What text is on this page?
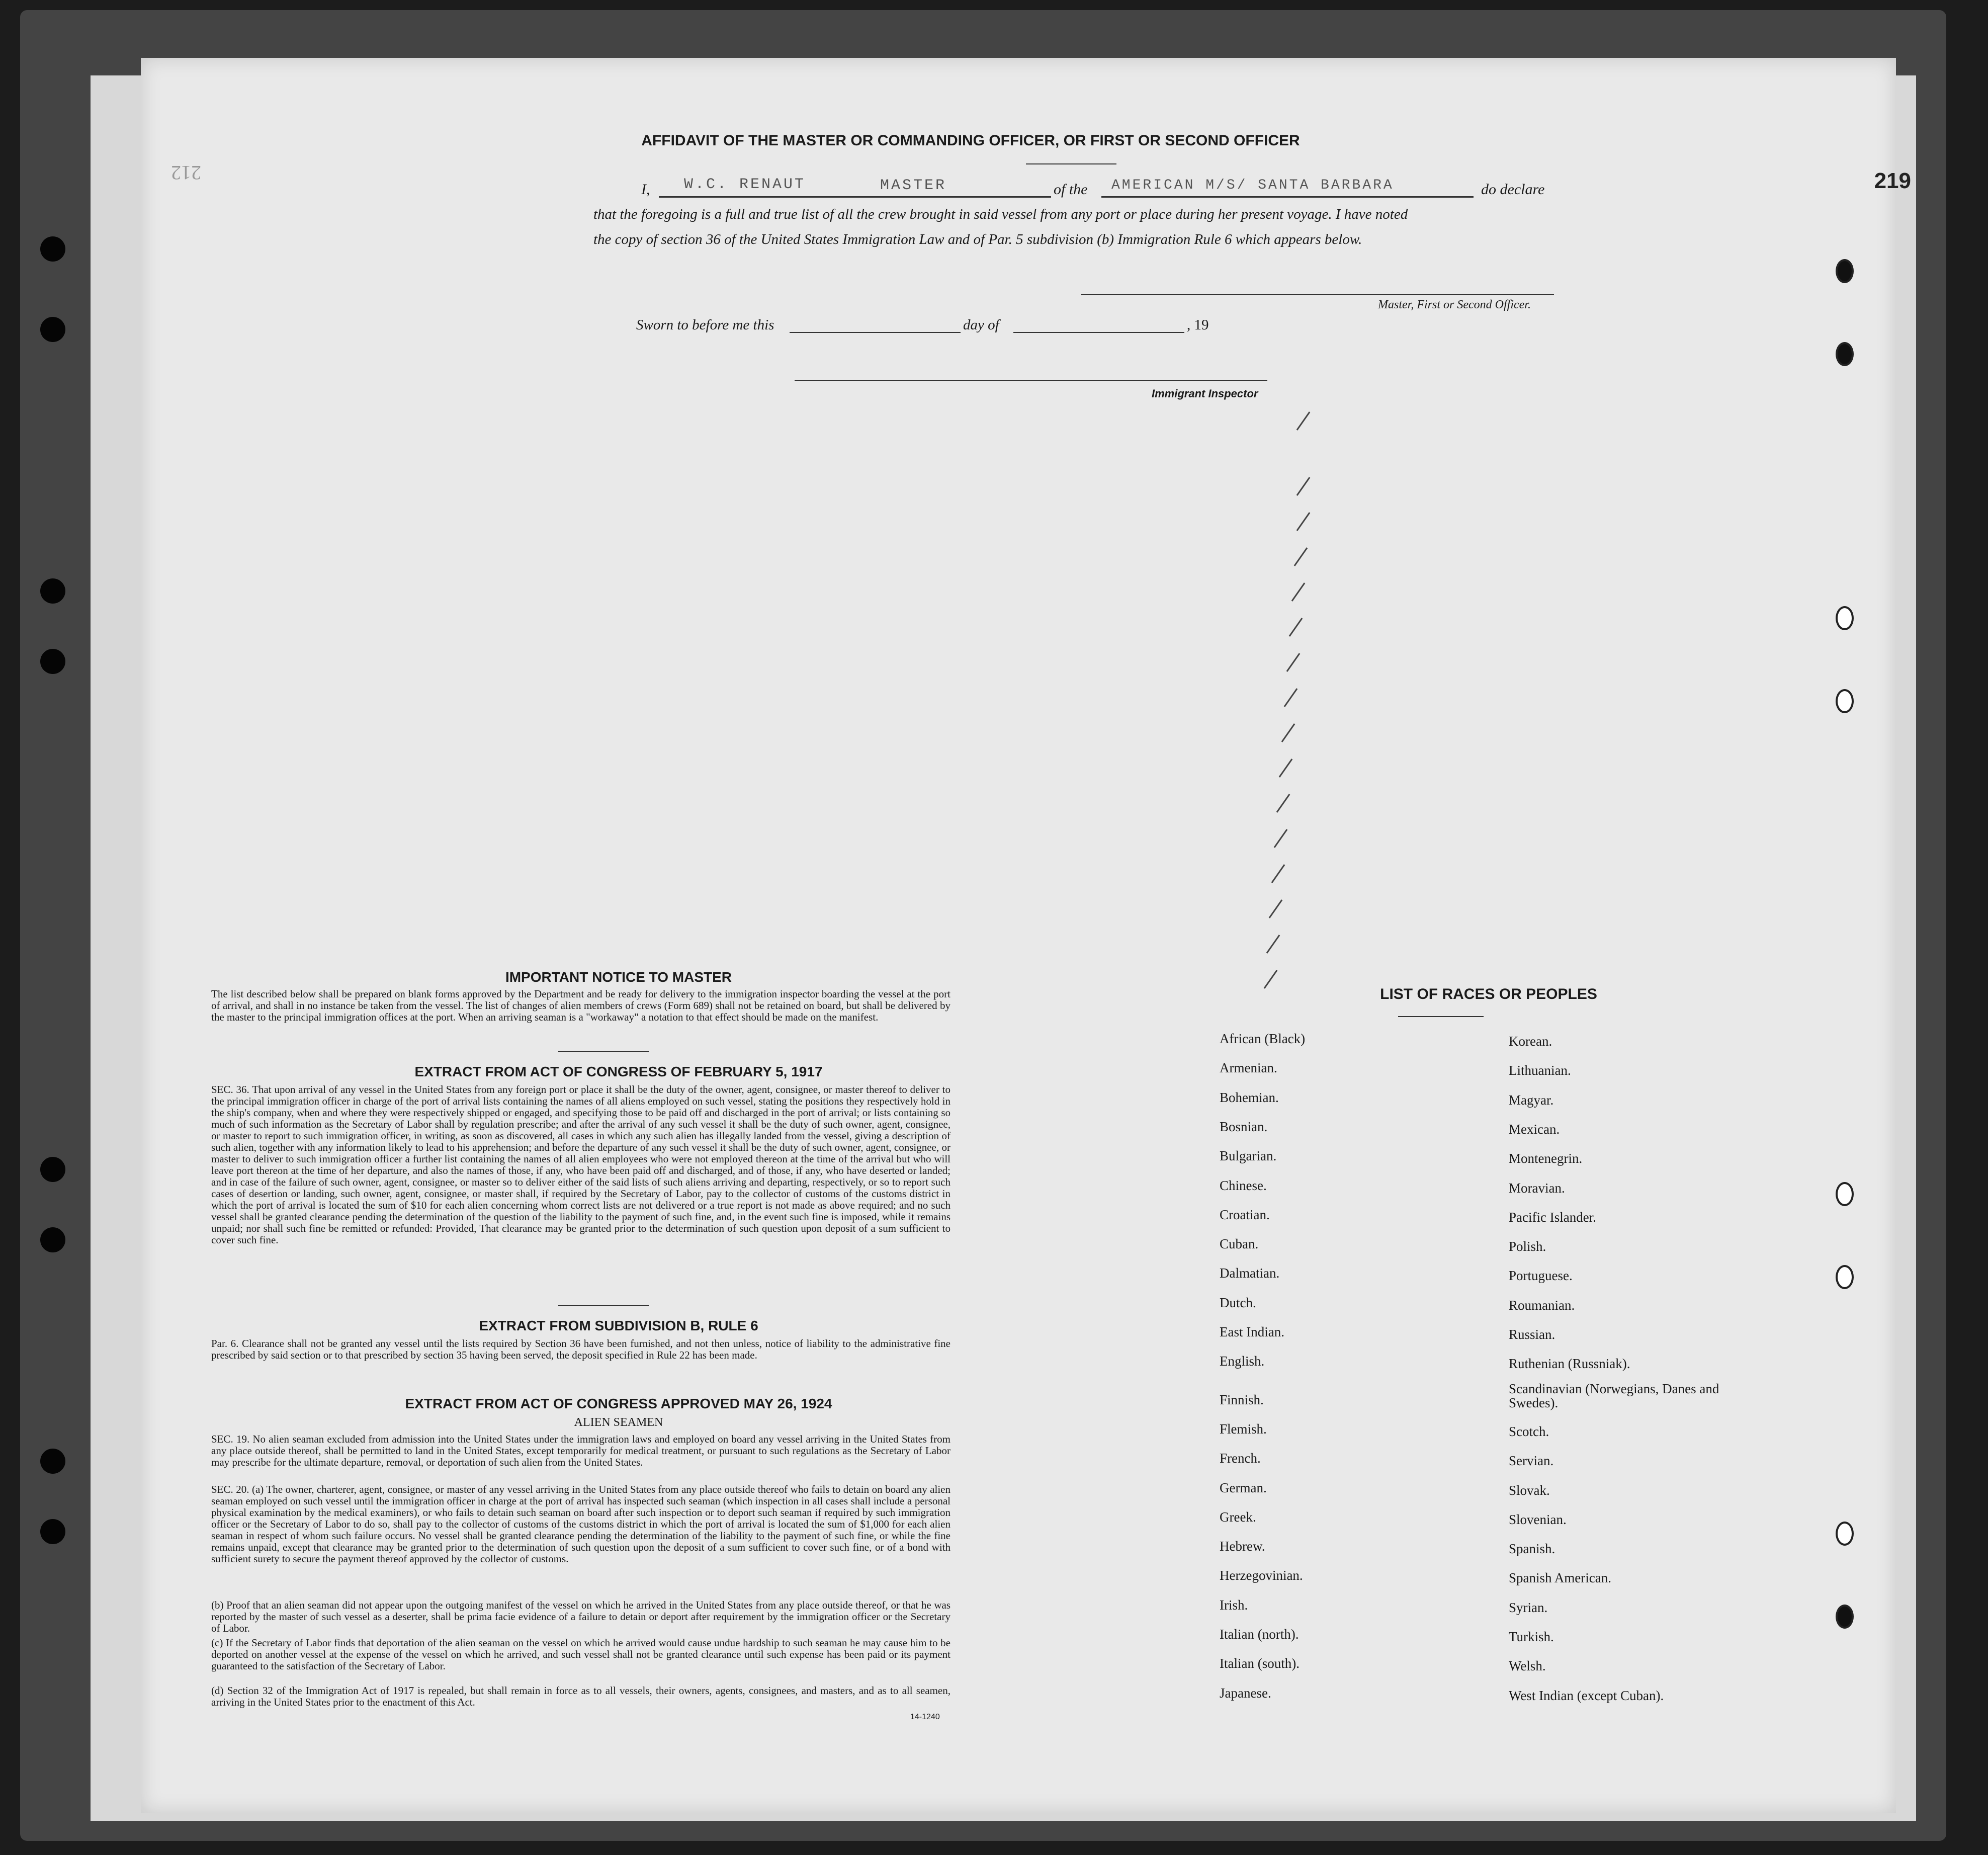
219
212
AFFIDAVIT OF THE MASTER OR COMMANDING OFFICER, OR FIRST OR SECOND OFFICER
I, W.C. RENAUT	MASTER	of the AMERICAN M/S/ SANTA BARBARA	do declare
that the foregoing is a full and true list of all the crew brought in said vessel from any port or place during her present voyage. I have noted
the copy of section 36 of the United States Immigration Law and of Par. 5 subdivision (b) Immigration Rule 6 which appears below.
Master, First or Second Officer.
Sworn to before me this	day of	, 19
Immigrant Inspector
IMPORTANT NOTICE TO MASTER
The list described below shall be prepared on blank forms approved by the Department and be ready for delivery to the immigration inspector boarding the vessel at the port of arrival, and shall in no instance be taken from the vessel. The list of changes of alien members of crews (Form 689) shall not be retained on board, but shall be delivered by the master to the principal immigration offices at the port. When an arriving seaman is a "workaway" a notation to that effect should be made on the manifest.
EXTRACT FROM ACT OF CONGRESS OF FEBRUARY 5, 1917
SEC. 36. That upon arrival of any vessel in the United States from any foreign port or place it shall be the duty of the owner, agent, consignee, or master thereof to deliver to the principal immigration officer in charge of the port of arrival lists containing the names of all aliens employed on such vessel, stating the positions they respectively hold in the ship's company, when and where they were respectively shipped or engaged, and specifying those to be paid off and discharged in the port of arrival; or lists containing so much of such information as the Secretary of Labor shall by regulation prescribe; and after the arrival of any such vessel it shall be the duty of such owner, agent, consignee, or master to report to such immigration officer, in writing, as soon as discovered, all cases in which any such alien has illegally landed from the vessel, giving a description of such alien, together with any information likely to lead to his apprehension; and before the departure of any such vessel it shall be the duty of such owner, agent, consignee, or master to deliver to such immigration officer a further list containing the names of all alien employees who were not employed thereon at the time of the arrival but who will leave port thereon at the time of her departure, and also the names of those, if any, who have been paid off and discharged, and of those, if any, who have deserted or landed; and in case of the failure of such owner, agent, consignee, or master so to deliver either of the said lists of such aliens arriving and departing, respectively, or so to report such cases of desertion or landing, such owner, agent, consignee, or master shall, if required by the Secretary of Labor, pay to the collector of customs of the customs district in which the port of arrival is located the sum of $10 for each alien concerning whom correct lists are not delivered or a true report is not made as above required; and no such vessel shall be granted clearance pending the determination of the question of the liability to the payment of such fine, and, in the event such fine is imposed, while it remains unpaid; nor shall such fine be remitted or refunded: Provided, That clearance may be granted prior to the determination of such question upon deposit of a sum sufficient to cover such fine.
EXTRACT FROM SUBDIVISION B, RULE 6
Par. 6. Clearance shall not be granted any vessel until the lists required by Section 36 have been furnished, and not then unless, notice of liability to the administrative fine prescribed by said section or to that prescribed by section 35 having been served, the deposit specified in Rule 22 has been made.
EXTRACT FROM ACT OF CONGRESS APPROVED MAY 26, 1924
ALIEN SEAMEN
SEC. 19. No alien seaman excluded from admission into the United States under the immigration laws and employed on board any vessel arriving in the United States from any place outside thereof, shall be permitted to land in the United States, except temporarily for medical treatment, or pursuant to such regulations as the Secretary of Labor may prescribe for the ultimate departure, removal, or deportation of such alien from the United States.
SEC. 20. (a) The owner, charterer, agent, consignee, or master of any vessel arriving in the United States from any place outside thereof who fails to detain on board any alien seaman employed on such vessel until the immigration officer in charge at the port of arrival has inspected such seaman (which inspection in all cases shall include a personal physical examination by the medical examiners), or who fails to detain such seaman on board after such inspection or to deport such seaman if required by such immigration officer or the Secretary of Labor to do so, shall pay to the collector of customs of the customs district in which the port of arrival is located the sum of $1,000 for each alien seaman in respect of whom such failure occurs. No vessel shall be granted clearance pending the determination of the liability to the payment of such fine, or while the fine remains unpaid, except that clearance may be granted prior to the determination of such question upon the deposit of a sum sufficient to cover such fine, or of a bond with sufficient surety to secure the payment thereof approved by the collector of customs.
(b) Proof that an alien seaman did not appear upon the outgoing manifest of the vessel on which he arrived in the United States from any place outside thereof, or that he was reported by the master of such vessel as a deserter, shall be prima facie evidence of a failure to detain or deport after requirement by the immigration officer or the Secretary of Labor.
(c) If the Secretary of Labor finds that deportation of the alien seaman on the vessel on which he arrived would cause undue hardship to such seaman he may cause him to be deported on another vessel at the expense of the vessel on which he arrived, and such vessel shall not be granted clearance until such expense has been paid or its payment guaranteed to the satisfaction of the Secretary of Labor.
(d) Section 32 of the Immigration Act of 1917 is repealed, but shall remain in force as to all vessels, their owners, agents, consignees, and masters, and as to all seamen, arriving in the United States prior to the enactment of this Act.
14-1240
LIST OF RACES OR PEOPLES
African (Black)
Armenian.
Bohemian.
Bosnian.
Bulgarian.
Chinese.
Croatian.
Cuban.
Dalmatian.
Dutch.
East Indian.
English.
Finnish.
Flemish.
French.
German.
Greek.
Hebrew.
Herzegovinian.
Irish.
Italian (north).
Italian (south).
Japanese.
Korean.
Lithuanian.
Magyar.
Mexican.
Montenegrin.
Moravian.
Pacific Islander.
Polish.
Portuguese.
Roumanian.
Russian.
Ruthenian (Russniak).
Scandinavian (Norwegians, Danes and Swedes).
Scotch.
Servian.
Slovak.
Slovenian.
Spanish.
Spanish American.
Syrian.
Turkish.
Welsh.
West Indian (except Cuban).
